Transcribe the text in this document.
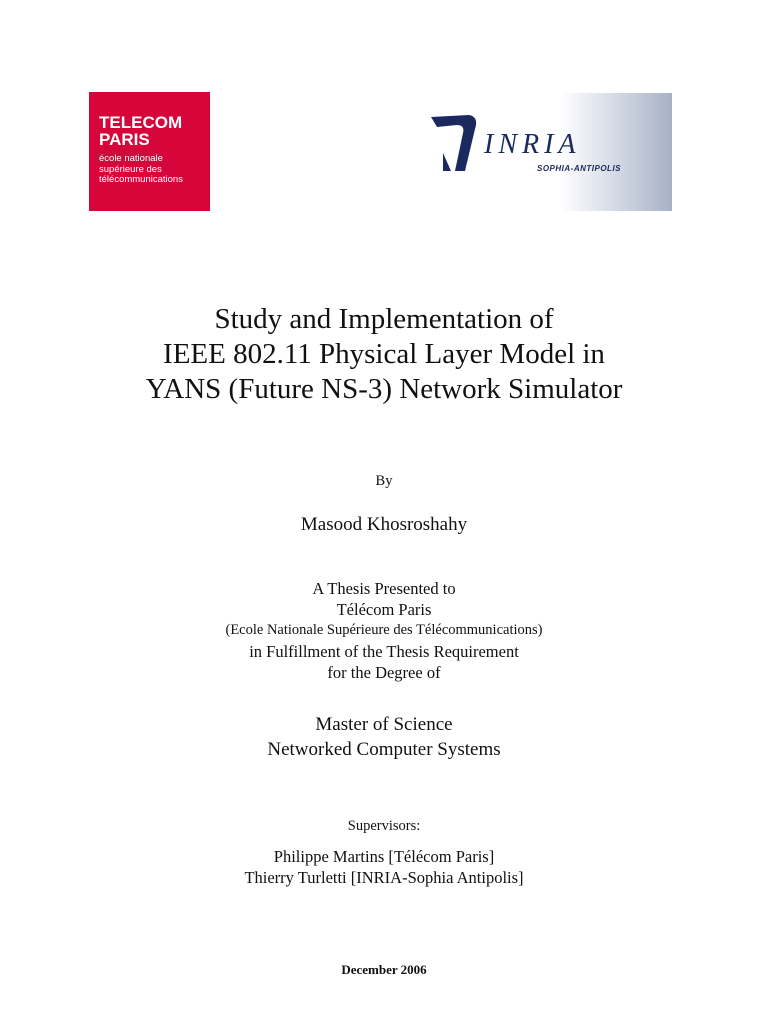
TELECOM
PARIS
école nationale
supérieure des
télécommunications
INRIA
SOPHIA-ANTIPOLIS
Study and Implementation of
IEEE 802.11 Physical Layer Model in
YANS (Future NS-3) Network Simulator
By
Masood Khosroshahy
A Thesis Presented to
Télécom Paris
(Ecole Nationale Supérieure des Télécommunications)
in Fulfillment of the Thesis Requirement
for the Degree of
Master of Science
Networked Computer Systems
Supervisors:
Philippe Martins [Télécom Paris]
Thierry Turletti [INRIA-Sophia Antipolis]
December 2006
